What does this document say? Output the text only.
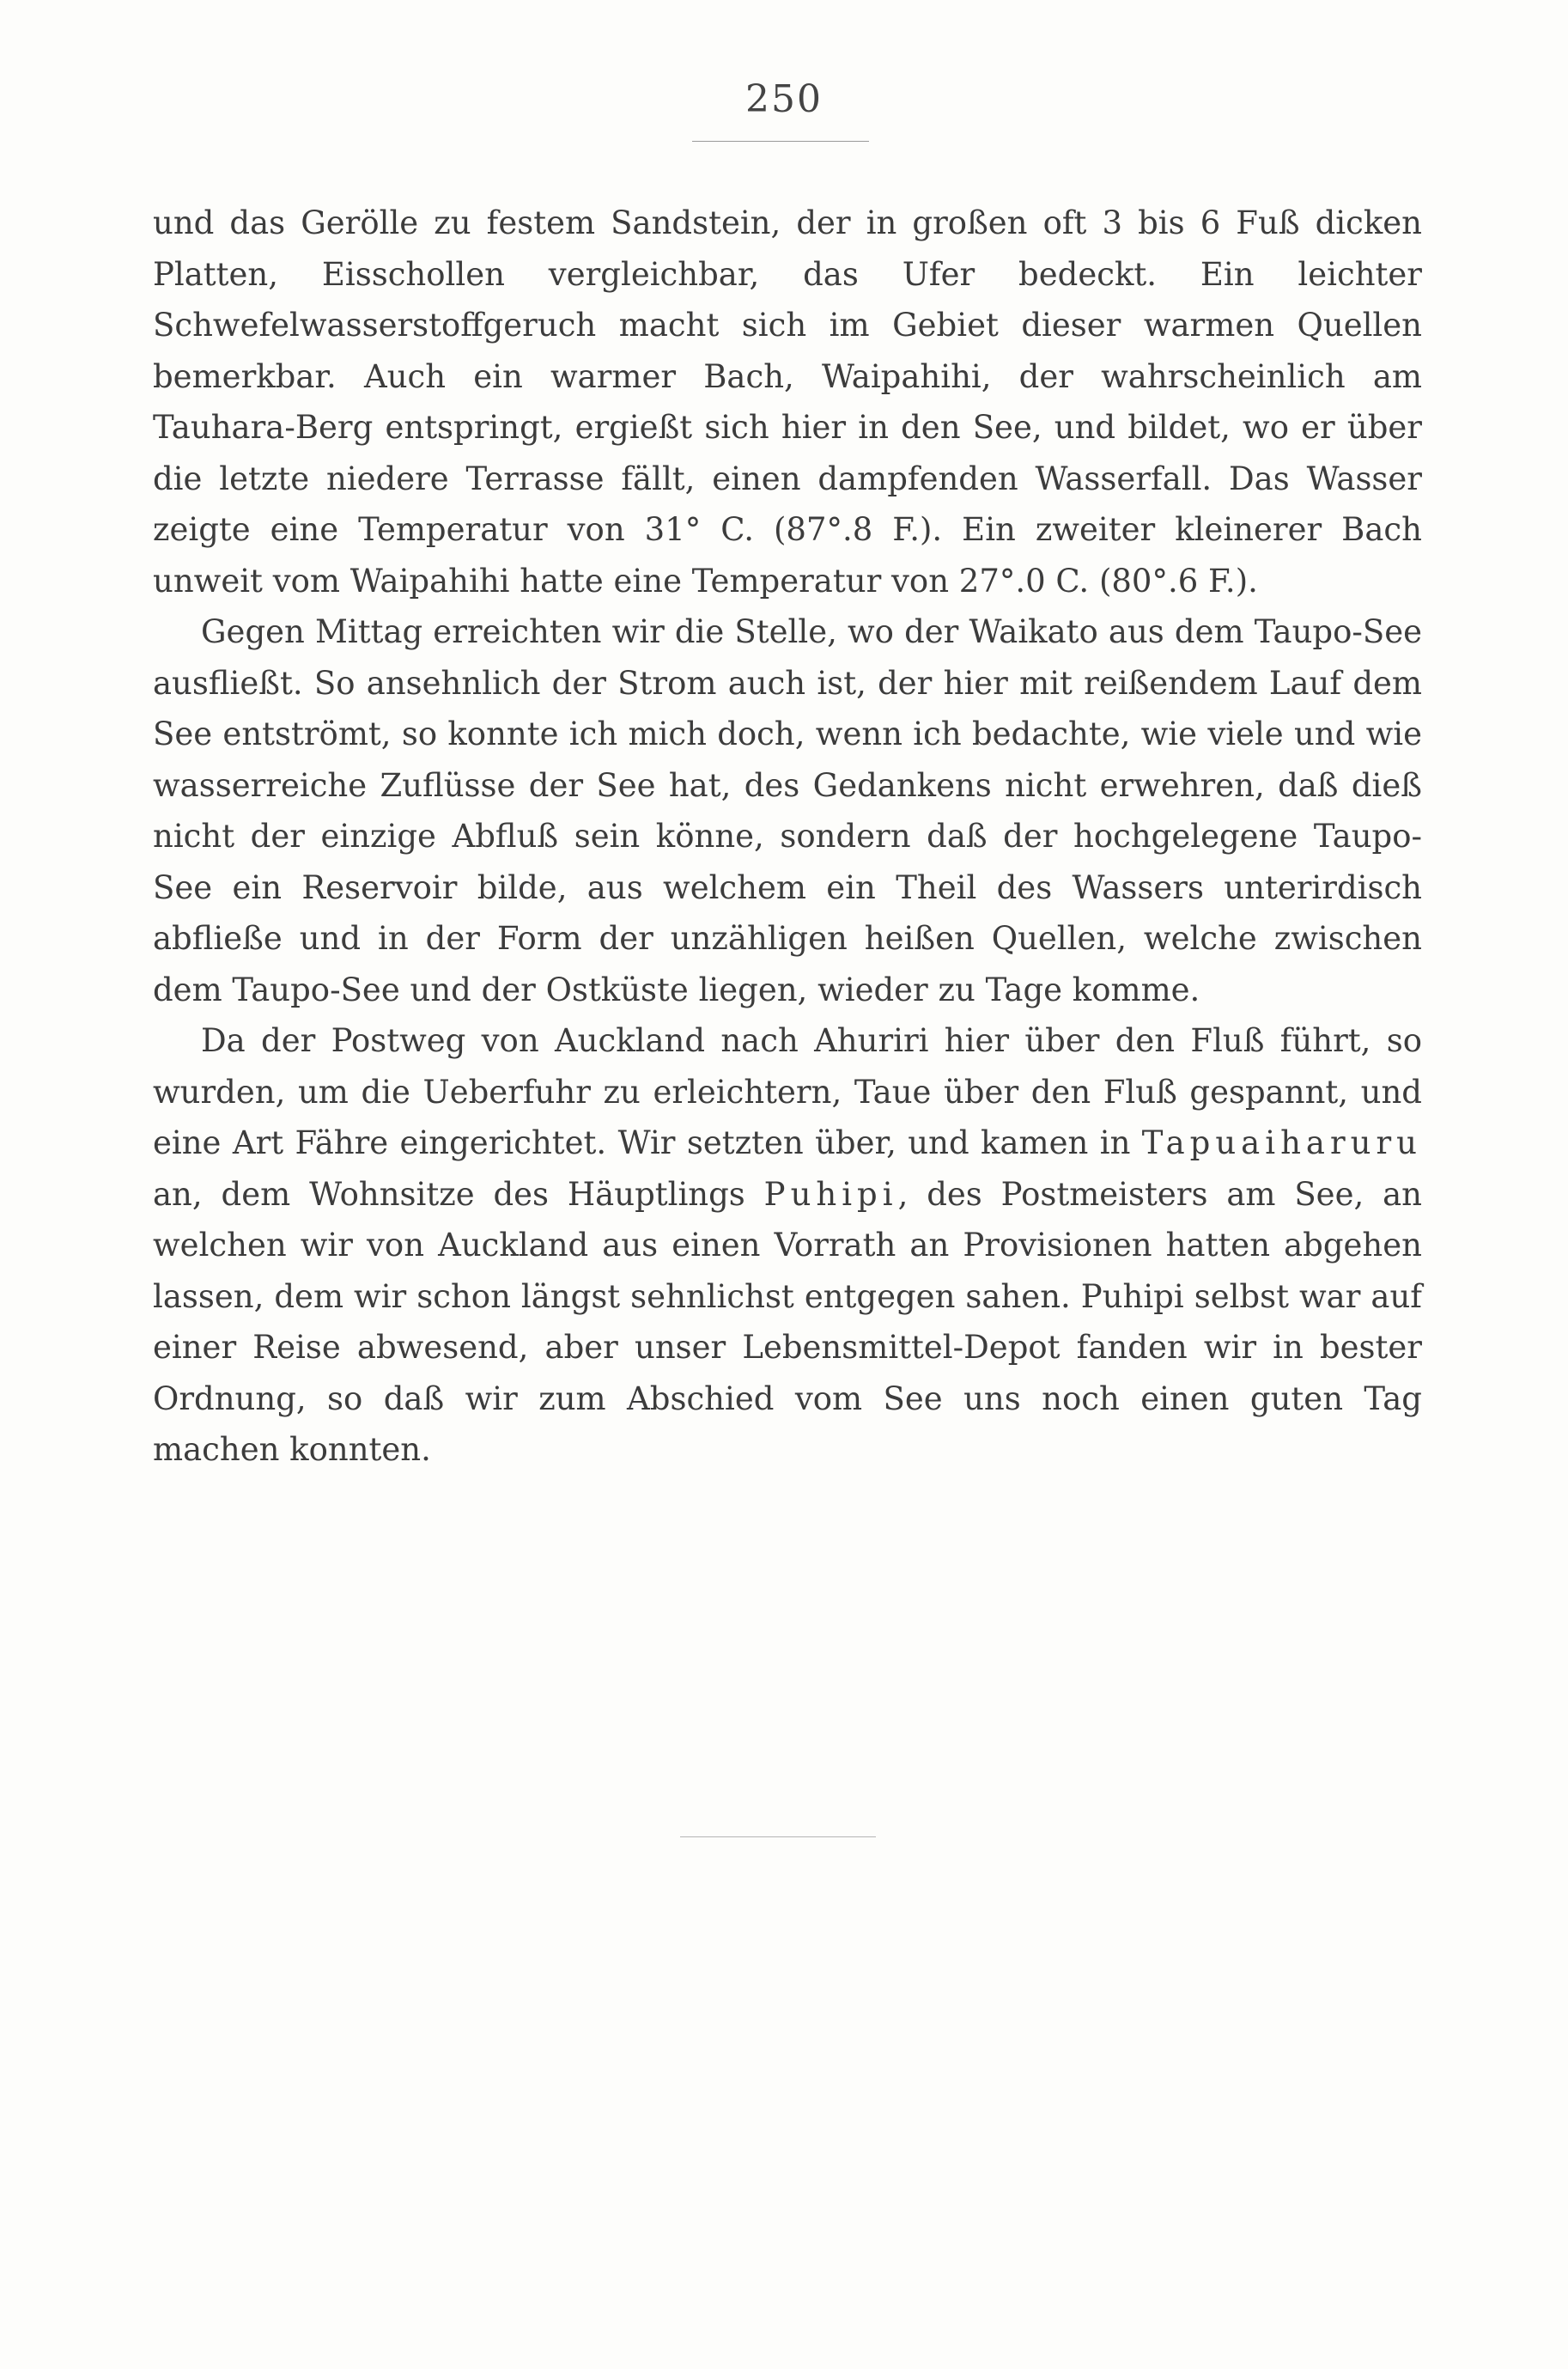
250

und das Gerölle zu festem Sandstein, der in großen oft 3 bis 6 Fuß dicken Platten, Eisschollen vergleichbar, das Ufer bedeckt. Ein leichter Schwefelwasserstoffgeruch macht sich im Gebiet dieser warmen Quellen bemerkbar. Auch ein warmer Bach, Waipahihi, der wahrscheinlich am Tauhara-Berg entspringt, ergießt sich hier in den See, und bildet, wo er über die letzte niedere Terrasse fällt, einen dampfenden Wasserfall. Das Wasser zeigte eine Temperatur von 31° C. (87°.8 F.). Ein zweiter kleinerer Bach unweit vom Waipahihi hatte eine Temperatur von 27°.0 C. (80°.6 F.).

Gegen Mittag erreichten wir die Stelle, wo der Waikato aus dem Taupo-See ausfließt. So ansehnlich der Strom auch ist, der hier mit reißendem Lauf dem See entströmt, so konnte ich mich doch, wenn ich bedachte, wie viele und wie wasserreiche Zuflüsse der See hat, des Gedankens nicht erwehren, daß dieß nicht der einzige Abfluß sein könne, sondern daß der hochgelegene Taupo-See ein Reservoir bilde, aus welchem ein Theil des Wassers unterirdisch abfließe und in der Form der unzähligen heißen Quellen, welche zwischen dem Taupo-See und der Ostküste liegen, wieder zu Tage komme.

Da der Postweg von Auckland nach Ahuriri hier über den Fluß führt, so wurden, um die Ueberfuhr zu erleichtern, Taue über den Fluß gespannt, und eine Art Fähre eingerichtet. Wir setzten über, und kamen in Tapuaiharuru an, dem Wohnsitze des Häuptlings Puhipi, des Postmeisters am See, an welchen wir von Auckland aus einen Vorrath an Provisionen hatten abgehen lassen, dem wir schon längst sehnlichst entgegen sahen. Puhipi selbst war auf einer Reise abwesend, aber unser Lebensmittel-Depot fanden wir in bester Ordnung, so daß wir zum Abschied vom See uns noch einen guten Tag machen konnten.
